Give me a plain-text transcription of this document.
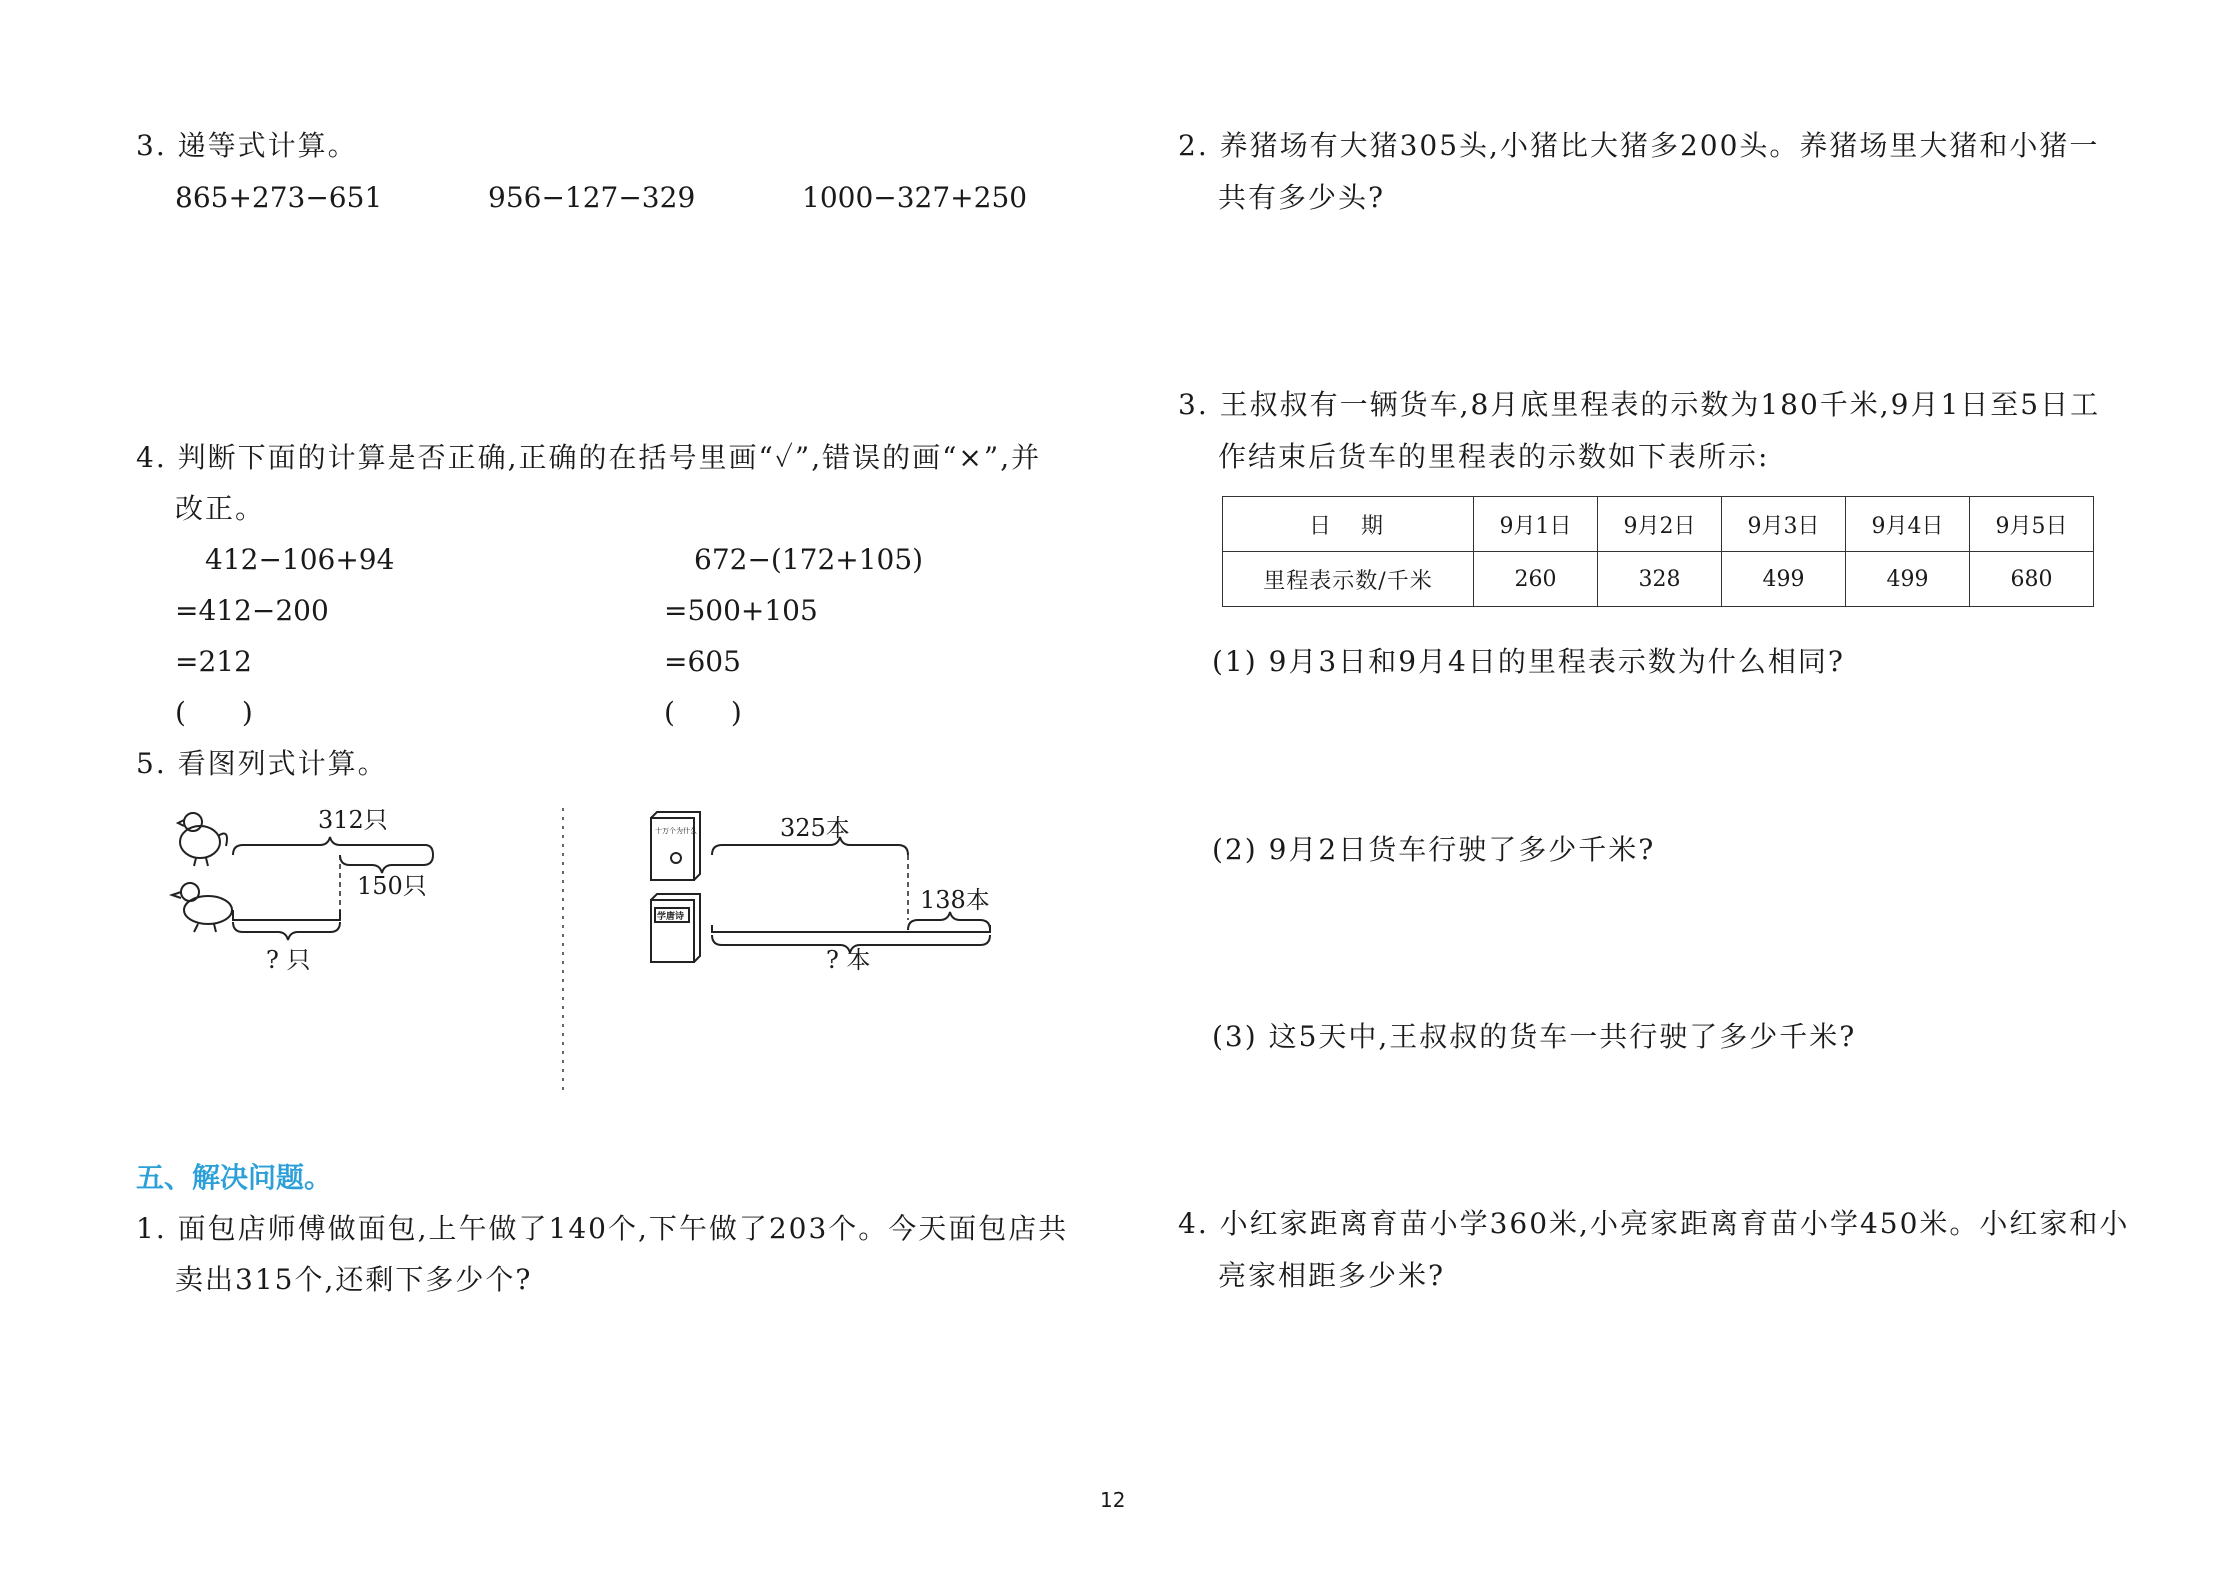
3. 递等式计算。
865+273−651	956−127−329	1000−327+250
4. 判断下面的计算是否正确,正确的在括号里画“✓”,错误的画“×”,并
改正。
412−106+94
=412−200
=212
(　　)
672−(172+105)
=500+105
=605
(　　)
5. 看图列式计算。
312只
150只
? 只
十万个为什么
学唐诗
325本
138本
? 本
五、解决问题。
1. 面包店师傅做面包,上午做了140个,下午做了203个。今天面包店共
卖出315个,还剩下多少个?
2. 养猪场有大猪305头,小猪比大猪多200头。养猪场里大猪和小猪一
共有多少头?
3. 王叔叔有一辆货车,8月底里程表的示数为180千米,9月1日至5日工
作结束后货车的里程表的示数如下表所示:
日　期	9月1日	9月2日	9月3日	9月4日	9月5日
里程表示数/千米	260	328	499	499	680
(1) 9月3日和9月4日的里程表示数为什么相同?
(2) 9月2日货车行驶了多少千米?
(3) 这5天中,王叔叔的货车一共行驶了多少千米?
4. 小红家距离育苗小学360米,小亮家距离育苗小学450米。小红家和小
亮家相距多少米?
12
